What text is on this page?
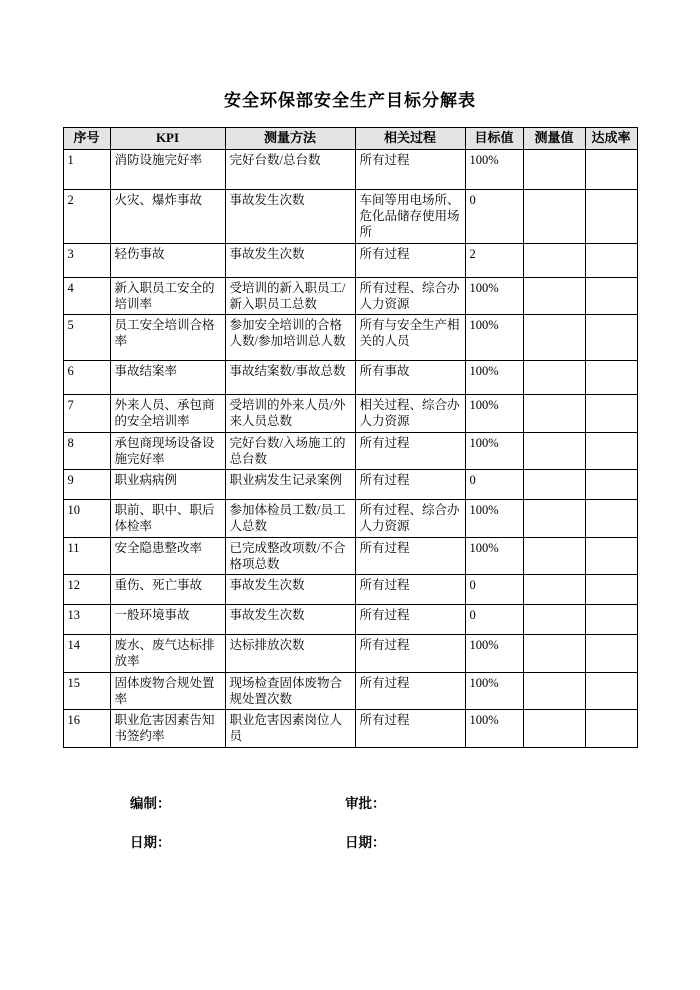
安全环保部安全生产目标分解表
序号	KPI	测量方法	相关过程	目标值	测量值	达成率
1	消防设施完好率	完好台数/总台数	所有过程	100%		
2	火灾、爆炸事故	事故发生次数	车间等用电场所、危化品储存使用场所	0		
3	轻伤事故	事故发生次数	所有过程	2		
4	新入职员工安全的培训率	受培训的新入职员工/新入职员工总数	所有过程、综合办人力资源	100%		
5	员工安全培训合格率	参加安全培训的合格人数/参加培训总人数	所有与安全生产相关的人员	100%		
6	事故结案率	事故结案数/事故总数	所有事故	100%		
7	外来人员、承包商的安全培训率	受培训的外来人员/外来人员总数	相关过程、综合办人力资源	100%		
8	承包商现场设备设施完好率	完好台数/入场施工的总台数	所有过程	100%		
9	职业病病例	职业病发生记录案例	所有过程	0		
10	职前、职中、职后体检率	参加体检员工数/员工人总数	所有过程、综合办人力资源	100%		
11	安全隐患整改率	已完成整改项数/不合格项总数	所有过程	100%		
12	重伤、死亡事故	事故发生次数	所有过程	0		
13	一般环境事故	事故发生次数	所有过程	0		
14	废水、废气达标排放率	达标排放次数	所有过程	100%		
15	固体废物合规处置率	现场检查固体废物合规处置次数	所有过程	100%		
16	职业危害因素告知书签约率	职业危害因素岗位人员	所有过程	100%		
编制：	审批：
日期：	日期：
